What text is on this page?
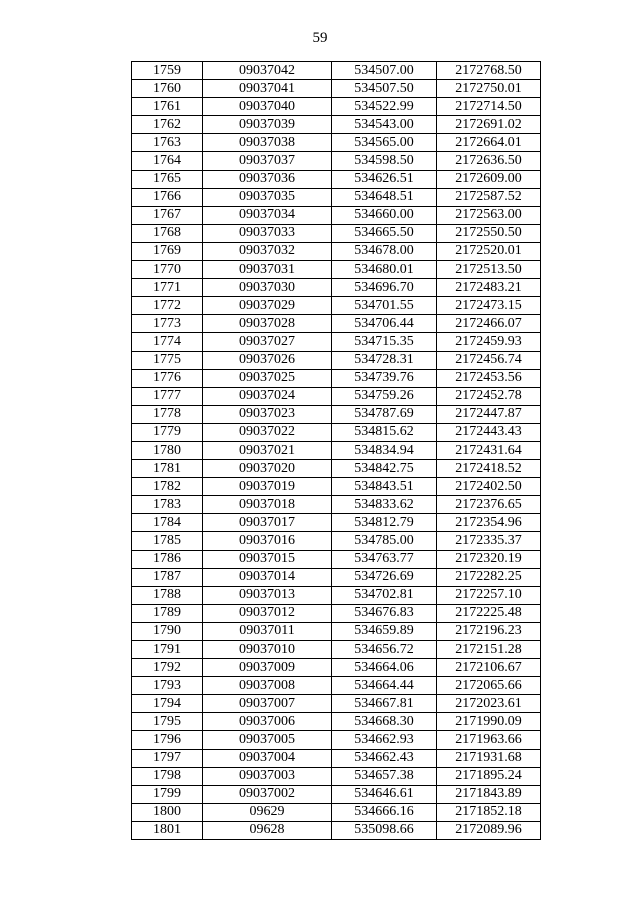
59
1759	09037042	534507.00	2172768.50
1760	09037041	534507.50	2172750.01
1761	09037040	534522.99	2172714.50
1762	09037039	534543.00	2172691.02
1763	09037038	534565.00	2172664.01
1764	09037037	534598.50	2172636.50
1765	09037036	534626.51	2172609.00
1766	09037035	534648.51	2172587.52
1767	09037034	534660.00	2172563.00
1768	09037033	534665.50	2172550.50
1769	09037032	534678.00	2172520.01
1770	09037031	534680.01	2172513.50
1771	09037030	534696.70	2172483.21
1772	09037029	534701.55	2172473.15
1773	09037028	534706.44	2172466.07
1774	09037027	534715.35	2172459.93
1775	09037026	534728.31	2172456.74
1776	09037025	534739.76	2172453.56
1777	09037024	534759.26	2172452.78
1778	09037023	534787.69	2172447.87
1779	09037022	534815.62	2172443.43
1780	09037021	534834.94	2172431.64
1781	09037020	534842.75	2172418.52
1782	09037019	534843.51	2172402.50
1783	09037018	534833.62	2172376.65
1784	09037017	534812.79	2172354.96
1785	09037016	534785.00	2172335.37
1786	09037015	534763.77	2172320.19
1787	09037014	534726.69	2172282.25
1788	09037013	534702.81	2172257.10
1789	09037012	534676.83	2172225.48
1790	09037011	534659.89	2172196.23
1791	09037010	534656.72	2172151.28
1792	09037009	534664.06	2172106.67
1793	09037008	534664.44	2172065.66
1794	09037007	534667.81	2172023.61
1795	09037006	534668.30	2171990.09
1796	09037005	534662.93	2171963.66
1797	09037004	534662.43	2171931.68
1798	09037003	534657.38	2171895.24
1799	09037002	534646.61	2171843.89
1800	09629	534666.16	2171852.18
1801	09628	535098.66	2172089.96
